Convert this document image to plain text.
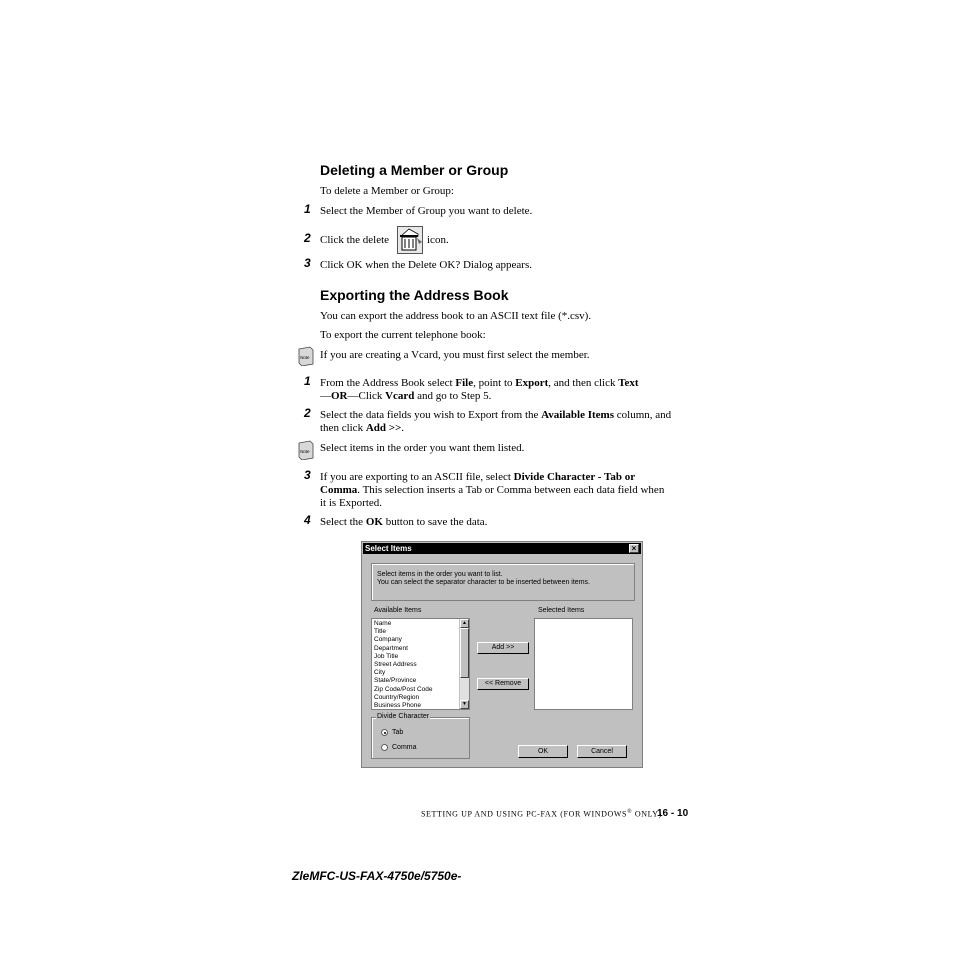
Deleting a Member or Group
To delete a Member or Group:
1 Select the Member of Group you want to delete.
2 Click the delete	icon.
3 Click OK when the Delete OK? Dialog appears.
Exporting the Address Book
You can export the address book to an ASCII text file (*.csv).
To export the current telephone book:
Note If you are creating a Vcard, you must first select the member.
1 From the Address Book select File, point to Export, and then click Text
—OR—Click Vcard and go to Step 5.
2 Select the data fields you wish to Export from the Available Items column, and
then click Add >>.
Note Select items in the order you want them listed.
3 If you are exporting to an ASCII file, select Divide Character - Tab or
Comma. This selection inserts a Tab or Comma between each data field when
it is Exported.
4 Select the OK button to save the data.
Select Items	×
Select items in the order you want to list.
You can select the separator character to be inserted between items.
Available Items	Selected Items
Name
Title
Company
Department
Job Title
Street Address
City
State/Province
Zip Code/Post Code
Country/Region
Business Phone
▲
▼
Add >>
<< Remove
Divide Character
Tab
Comma
OK	Cancel
SETTING UP AND USING PC-FAX (FOR WINDOWS® ONLY)
16 - 10
ZleMFC-US-FAX-4750e/5750e-
